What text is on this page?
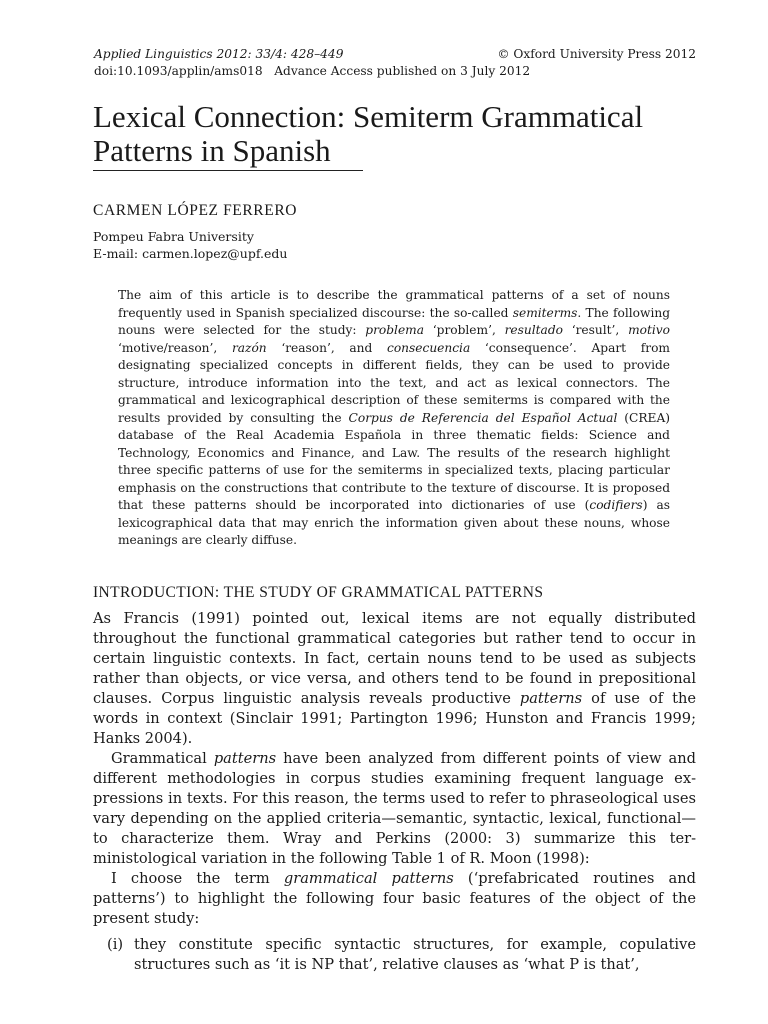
Applied Linguistics 2012: 33/4: 428–449	© Oxford University Press 2012
doi:10.1093/applin/ams018   Advance Access published on 3 July 2012
Lexical Connection: Semiterm Grammatical Patterns in Spanish
CARMEN LÓPEZ FERRERO
Pompeu Fabra University
E-mail: carmen.lopez@upf.edu

The aim of this article is to describe the grammatical patterns of a set of nouns frequently used in Spanish specialized discourse: the so-called semiterms. The following nouns were selected for the study: problema ‘problem’, resultado ‘result’, motivo ‘motive/reason’, razón ‘reason’, and consecuencia ‘consequence’. Apart from designating specialized concepts in different fields, they can be used to provide structure, introduce information into the text, and act as lexical connectors. The grammatical and lexicographical description of these semiterms is compared with the results provided by consulting the Corpus de Referencia del Español Actual (CREA) database of the Real Academia Española in three thematic fields: Science and Technology, Economics and Finance, and Law. The results of the research highlight three specific patterns of use for the semiterms in specialized texts, placing particular emphasis on the constructions that contribute to the texture of discourse. It is proposed that these patterns should be incorporated into dictionaries of use (codifiers) as lexicographical data that may enrich the information given about these nouns, whose meanings are clearly diffuse.

INTRODUCTION: THE STUDY OF GRAMMATICAL PATTERNS

As Francis (1991) pointed out, lexical items are not equally distributed throughout the functional grammatical categories but rather tend to occur in certain linguistic contexts. In fact, certain nouns tend to be used as subjects rather than objects, or vice versa, and others tend to be found in prepositional clauses. Corpus linguistic analysis reveals productive patterns of use of the words in context (Sinclair 1991; Partington 1996; Hunston and Francis 1999; Hanks 2004).

Grammatical patterns have been analyzed from different points of view and different methodologies in corpus studies examining frequent language expressions in texts. For this reason, the terms used to refer to phraseological uses vary depending on the applied criteria—semantic, syntactic, lexical, functional—to characterize them. Wray and Perkins (2000: 3) summarize this terministological variation in the following Table 1 of R. Moon (1998):

I choose the term grammatical patterns (‘prefabricated routines and patterns’) to highlight the following four basic features of the object of the present study:

(i) they constitute specific syntactic structures, for example, copulative structures such as ‘it is NP that’, relative clauses as ‘what P is that’,
